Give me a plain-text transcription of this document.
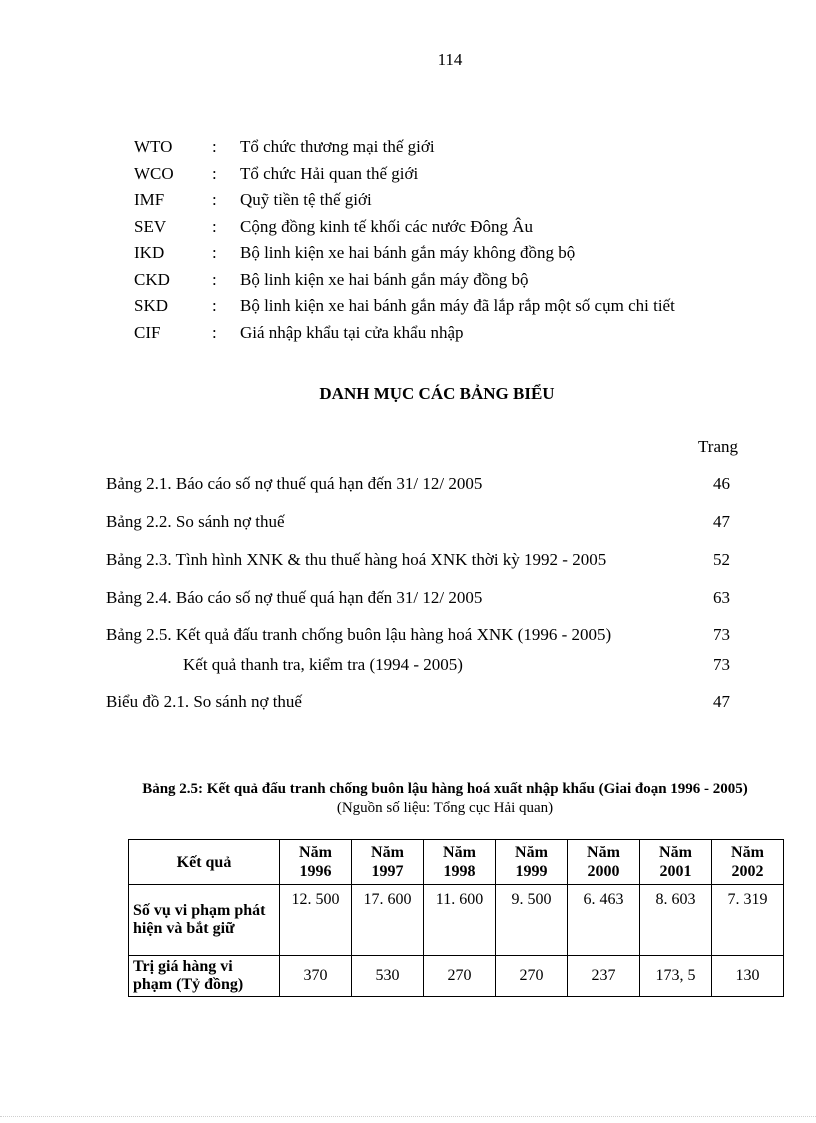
114
WTO : Tổ chức thương mại thế giới
WCO : Tổ chức Hải quan thế giới
IMF	: Quỹ tiền tệ thế giới
SEV	: Cộng đồng kinh tế khối các nước Đông Âu
IKD	: Bộ linh kiện xe hai bánh gắn máy không đồng bộ
CKD : Bộ linh kiện xe hai bánh gắn máy đồng bộ
SKD	: Bộ linh kiện xe hai bánh gắn máy đã lắp rắp một số cụm chi tiết
CIF	: Giá nhập khẩu tại cửa khẩu nhập
DANH MỤC CÁC BẢNG BIỂU
Trang
Bảng 2.1. Báo cáo số nợ thuế quá hạn đến 31/ 12/ 2005	46
Bảng 2.2. So sánh nợ thuế	47
Bảng 2.3. Tình hình XNK & thu thuế hàng hoá XNK thời kỳ 1992 - 2005	52
Bảng 2.4. Báo cáo số nợ thuế quá hạn đến 31/ 12/ 2005	63
Bảng 2.5. Kết quả đấu tranh chống buôn lậu hàng hoá XNK (1996 - 2005)	73
Kết quả thanh tra, kiểm tra (1994 - 2005)	73
Biểu đồ 2.1. So sánh nợ thuế	47
Bảng 2.5: Kết quả đấu tranh chống buôn lậu hàng hoá xuất nhập khẩu (Giai đoạn 1996 - 2005) (Nguồn số liệu: Tổng cục Hải quan)
Kết quả	Năm 1996	Năm 1997	Năm 1998	Năm 1999	Năm 2000	Năm 2001	Năm 2002
Số vụ vi phạm phát hiện và bắt giữ	12. 500	17. 600	11. 600	9. 500	6. 463	8. 603	7. 319
Trị giá hàng vi phạm (Tỷ đồng)	370	530	270	270	237	173, 5	130
